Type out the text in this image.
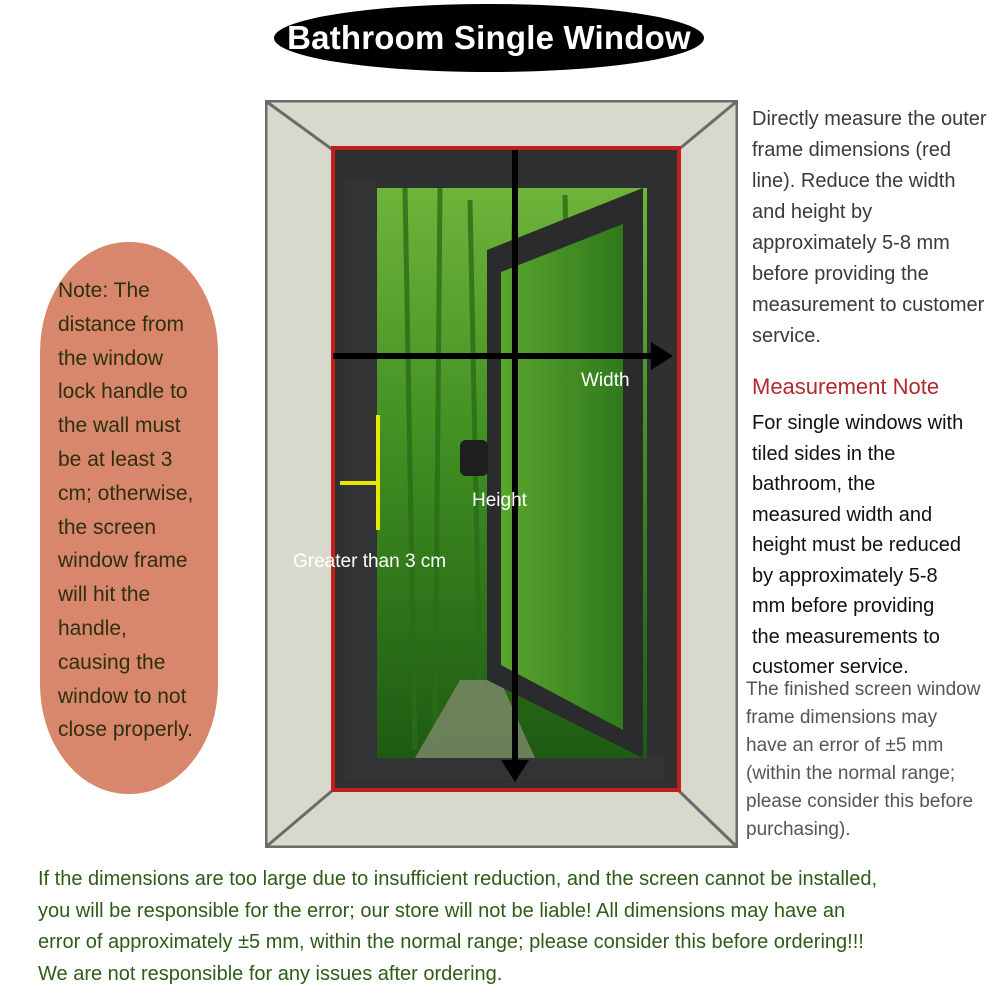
Bathroom Single Window
Note: The
distance from
the window
lock handle to
the wall must
be at least 3
cm; otherwise,
the screen
window frame
will hit the
handle,
causing the
window to not
close properly.
Width
Height
Greater than 3 cm
Directly measure the outer
frame dimensions (red
line). Reduce the width
and height by
approximately 5-8 mm
before providing the
measurement to customer
service.
Measurement Note
For single windows with
tiled sides in the
bathroom, the
measured width and
height must be reduced
by approximately 5-8
mm before providing
the measurements to
customer service.
The finished screen window
frame dimensions may
have an error of ±5 mm
(within the normal range;
please consider this before
purchasing).
If the dimensions are too large due to insufficient reduction, and the screen cannot be installed,
you will be responsible for the error; our store will not be liable! All dimensions may have an
error of approximately ±5 mm, within the normal range; please consider this before ordering!!!
We are not responsible for any issues after ordering.
